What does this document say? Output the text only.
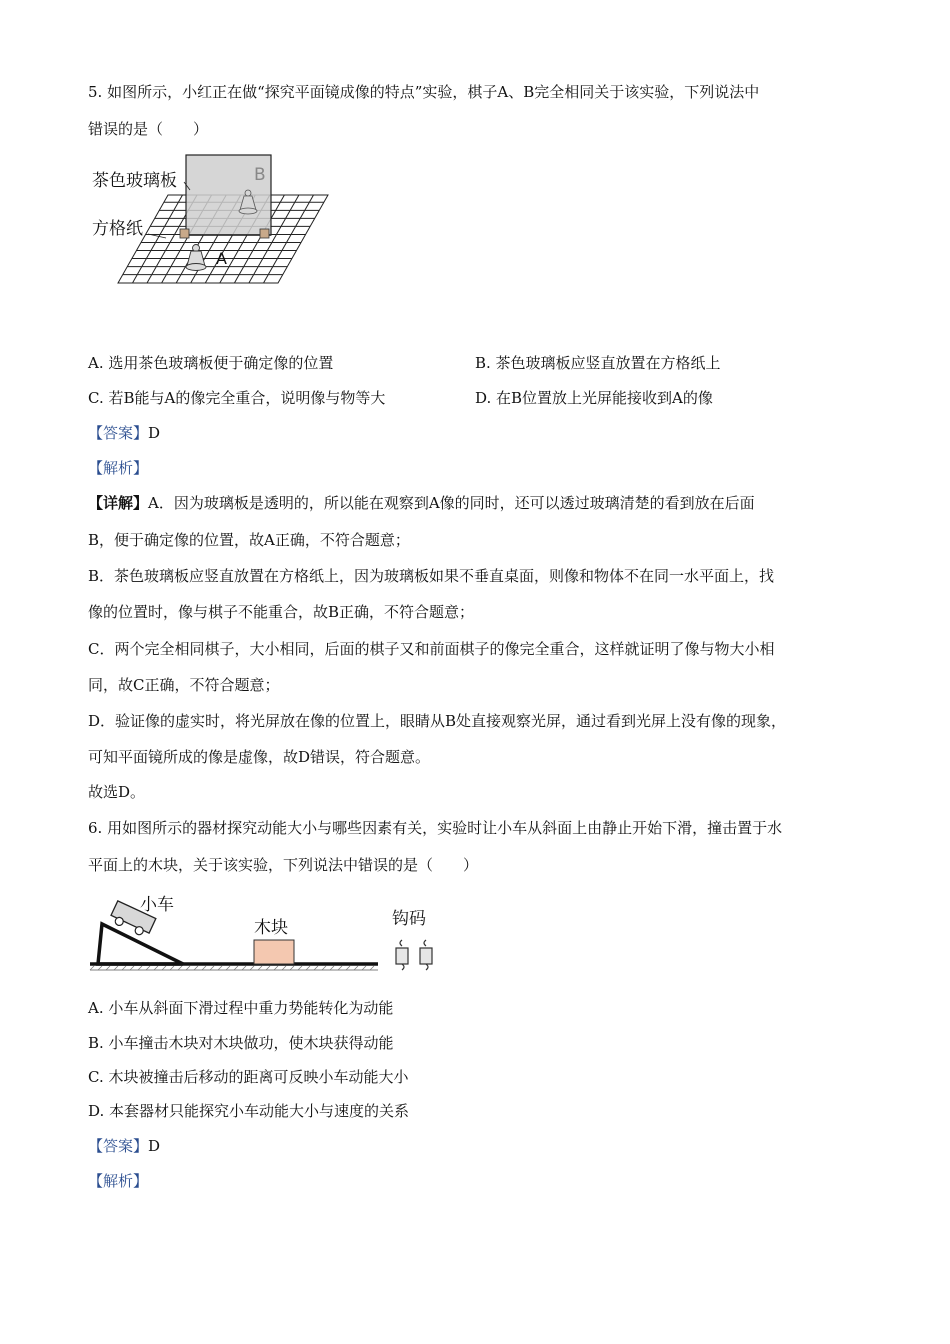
5. 如图所示，小红正在做“探究平面镜成像的特点”实验，棋子A、B完全相同关于该实验，下列说法中
错误的是（　　）
茶色玻璃板
方格纸
B
A
A. 选用茶色玻璃板便于确定像的位置	B. 茶色玻璃板应竖直放置在方格纸上
C. 若B能与A的像完全重合，说明像与物等大	D. 在B位置放上光屏能接收到A的像
【答案】D
【解析】
【详解】A．因为玻璃板是透明的，所以能在观察到A像的同时，还可以透过玻璃清楚的看到放在后面
B，便于确定像的位置，故A正确，不符合题意；
B．茶色玻璃板应竖直放置在方格纸上，因为玻璃板如果不垂直桌面，则像和物体不在同一水平面上，找
像的位置时，像与棋子不能重合，故B正确，不符合题意；
C．两个完全相同棋子，大小相同，后面的棋子又和前面棋子的像完全重合，这样就证明了像与物大小相
同，故C正确，不符合题意；
D．验证像的虚实时，将光屏放在像的位置上，眼睛从B处直接观察光屏，通过看到光屏上没有像的现象，
可知平面镜所成的像是虚像，故D错误，符合题意。
故选D。
6. 用如图所示的器材探究动能大小与哪些因素有关，实验时让小车从斜面上由静止开始下滑，撞击置于水
平面上的木块，关于该实验，下列说法中错误的是（　　）
小车
木块	钩码
A. 小车从斜面下滑过程中重力势能转化为动能
B. 小车撞击木块对木块做功，使木块获得动能
C. 木块被撞击后移动的距离可反映小车动能大小
D. 本套器材只能探究小车动能大小与速度的关系
【答案】D
【解析】
